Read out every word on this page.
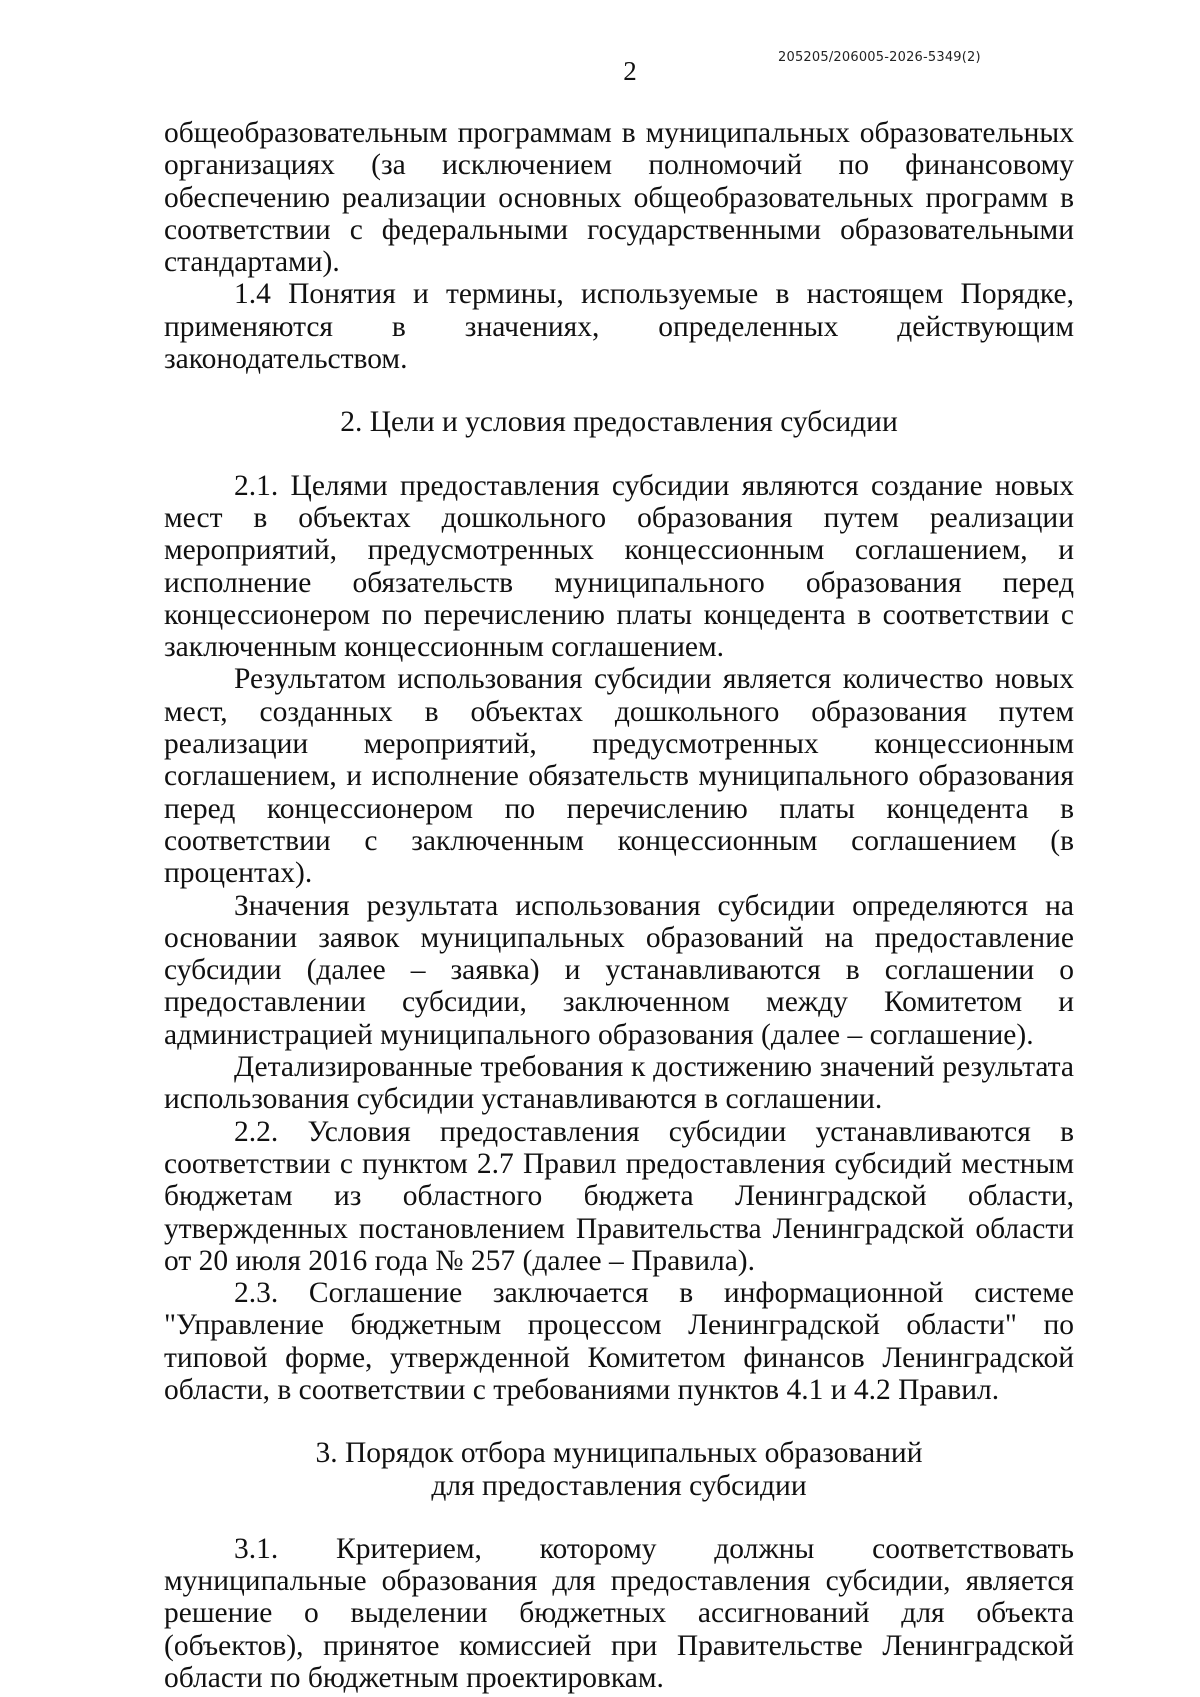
2	205205/206005-2026-5349(2)

общеобразовательным программам в муниципальных образовательных организациях (за исключением полномочий по финансовому обеспечению реализации основных общеобразовательных программ в соответствии с федеральными государственными образовательными стандартами).

1.4 Понятия и термины, используемые в настоящем Порядке, применяются в значениях, определенных действующим законодательством.

2. Цели и условия предоставления субсидии

2.1. Целями предоставления субсидии являются создание новых мест в объектах дошкольного образования путем реализации мероприятий, предусмотренных концессионным соглашением, и исполнение обязательств муниципального образования перед концессионером по перечислению платы концедента в соответствии с заключенным концессионным соглашением.

Результатом использования субсидии является количество новых мест, созданных в объектах дошкольного образования путем реализации мероприятий, предусмотренных концессионным соглашением, и исполнение обязательств муниципального образования перед концессионером по перечислению платы концедента в соответствии с заключенным концессионным соглашением (в процентах).

Значения результата использования субсидии определяются на основании заявок муниципальных образований на предоставление субсидии (далее – заявка) и устанавливаются в соглашении о предоставлении субсидии, заключенном между Комитетом и администрацией муниципального образования (далее – соглашение).

Детализированные требования к достижению значений результата использования субсидии устанавливаются в соглашении.

2.2. Условия предоставления субсидии устанавливаются в соответствии с пунктом 2.7 Правил предоставления субсидий местным бюджетам из областного бюджета Ленинградской области, утвержденных постановлением Правительства Ленинградской области от 20 июля 2016 года № 257 (далее – Правила).

2.3. Соглашение заключается в информационной системе "Управление бюджетным процессом Ленинградской области" по типовой форме, утвержденной Комитетом финансов Ленинградской области, в соответствии с требованиями пунктов 4.1 и 4.2 Правил.

3. Порядок отбора муниципальных образований
для предоставления субсидии

3.1. Критерием, которому должны соответствовать муниципальные образования для предоставления субсидии, является решение о выделении бюджетных ассигнований для объекта (объектов), принятое комиссией при Правительстве Ленинградской области по бюджетным проектировкам.
